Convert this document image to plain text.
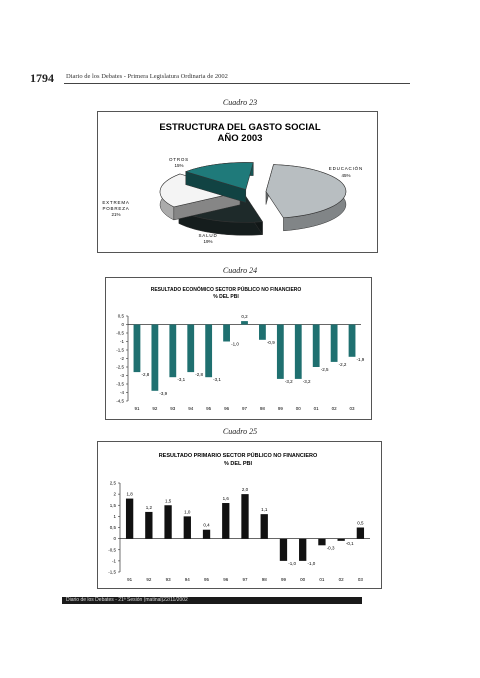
1794 Diario de los Debates - Primera Legislatura Ordinaria de 2002
Cuadro 23
ESTRUCTURA DEL GASTO SOCIAL
AÑO 2003
EDUCACIÓN
45%
SALUD
19%
EXTREMA
POBREZA
21%
OTROS
15%
Cuadro 24
RESULTADO ECONÓMICO SECTOR PÚBLICO NO FINANCIERO
% DEL PBI
0,5
0
-0,5
-1
-1,5
-2
-2,5
-3
-3,5
-4
-4,5
-2,8
91
-3,9
92
-3,1
93
-2,8
94
-3,1
95
-1,0
96
0,2
97
-0,9
98
-3,2
99
-3,2
00
-2,5
01
-2,2
02
-1,9
03
Cuadro 25
RESULTADO PRIMARIO SECTOR PÚBLICO NO FINANCIERO
% DEL PBI
2,5
2
1,5
1
0,5
0
-0,5
-1
-1,5
1,8
91
1,2
92
1,5
93
1,0
94
0,4
95
1,6
96
2,0
97
1,1
98
-1,0
99
-1,0
00
-0,3
01
-0,1
02
0,5
03
Diario de los Debates - 21ª Sesión (matinal)22/11/2002
